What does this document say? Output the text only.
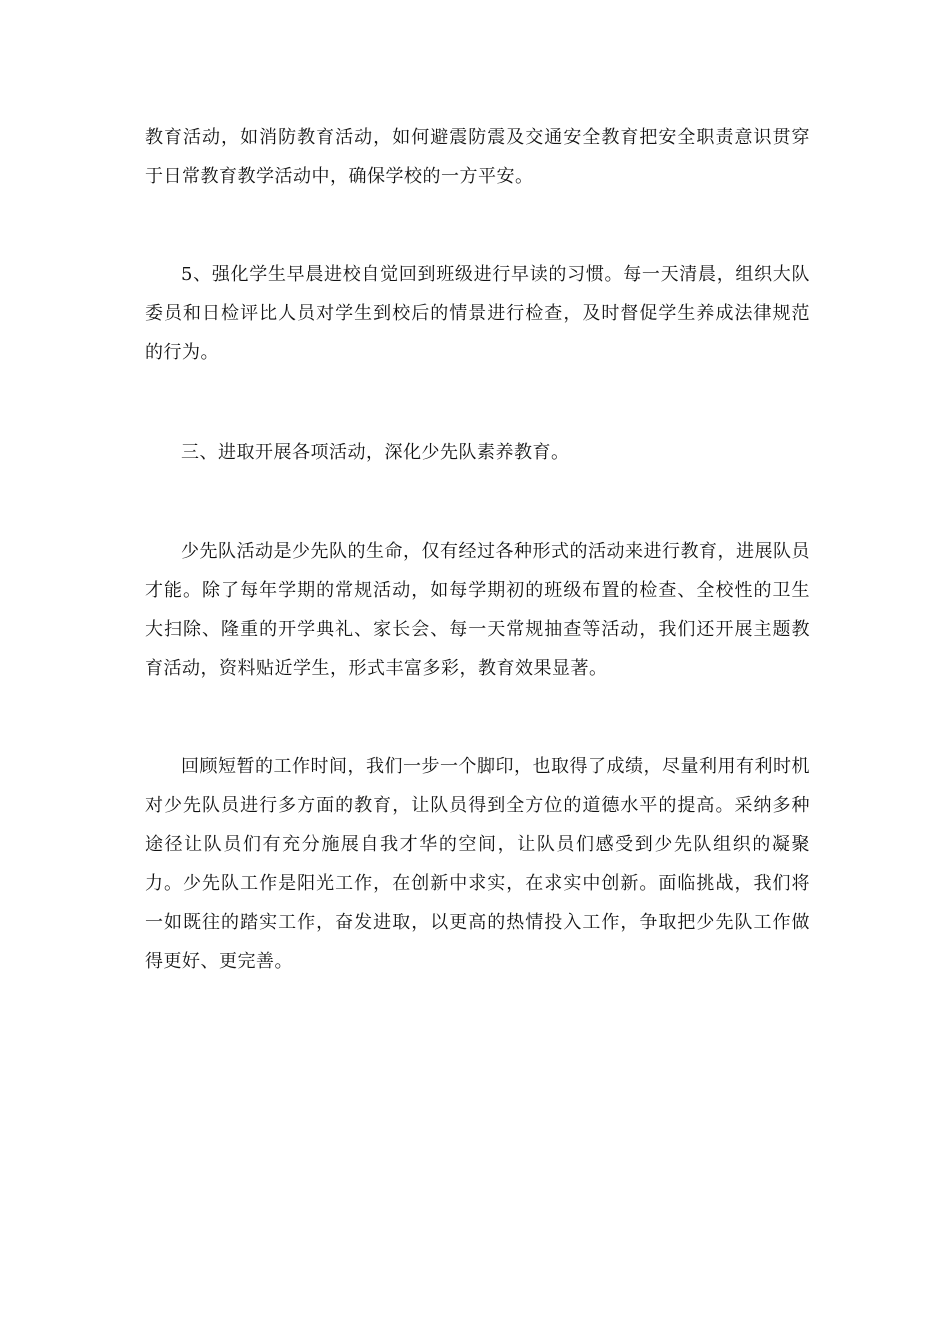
教育活动，如消防教育活动，如何避震防震及交通安全教育把安全职责意识贯穿于日常教育教学活动中，确保学校的一方平安。

5、强化学生早晨进校自觉回到班级进行早读的习惯。每一天清晨，组织大队委员和日检评比人员对学生到校后的情景进行检查，及时督促学生养成法律规范的行为。

三、进取开展各项活动，深化少先队素养教育。

少先队活动是少先队的生命，仅有经过各种形式的活动来进行教育，进展队员才能。除了每年学期的常规活动，如每学期初的班级布置的检查、全校性的卫生大扫除、隆重的开学典礼、家长会、每一天常规抽查等活动，我们还开展主题教育活动，资料贴近学生，形式丰富多彩，教育效果显著。

回顾短暂的工作时间，我们一步一个脚印，也取得了成绩，尽量利用有利时机对少先队员进行多方面的教育，让队员得到全方位的道德水平的提高。采纳多种途径让队员们有充分施展自我才华的空间，让队员们感受到少先队组织的凝聚力。少先队工作是阳光工作，在创新中求实，在求实中创新。面临挑战，我们将一如既往的踏实工作，奋发进取，以更高的热情投入工作，争取把少先队工作做得更好、更完善。
